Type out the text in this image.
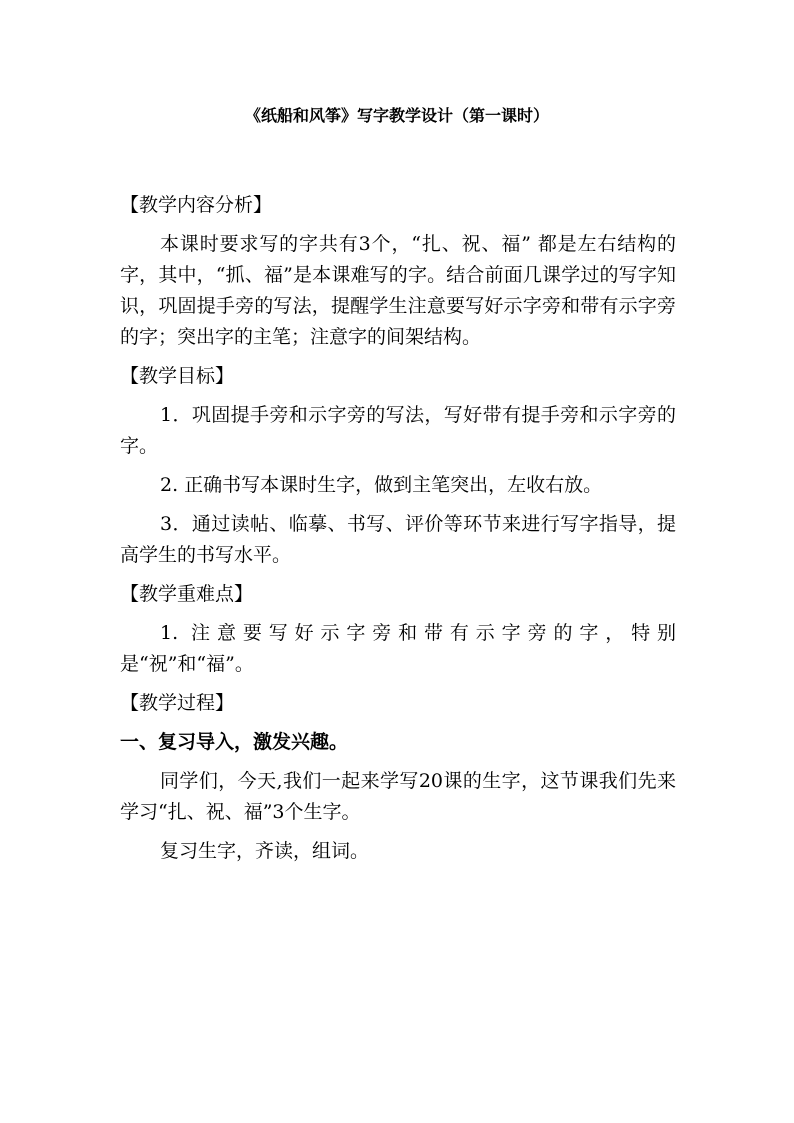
《纸船和风筝》写字教学设计（第一课时）

【教学内容分析】

本课时要求写的字共有3个，“扎、祝、福” 都是左右结构的字，其中，“抓、福”是本课难写的字。结合前面几课学过的写字知识，巩固提手旁的写法，提醒学生注意要写好示字旁和带有示字旁的字；突出字的主笔；注意字的间架结构。

【教学目标】

1．巩固提手旁和示字旁的写法，写好带有提手旁和示字旁的字。

2. 正确书写本课时生字，做到主笔突出，左收右放。

3．通过读帖、临摹、书写、评价等环节来进行写字指导，提高学生的书写水平。

【教学重难点】

1. 注意要写好示字旁和带有示字旁的字，特别是“祝”和“福”。

【教学过程】

一、复习导入，激发兴趣。

同学们，今天,我们一起来学写20课的生字，这节课我们先来学习“扎、祝、福”3个生字。

复习生字，齐读，组词。
